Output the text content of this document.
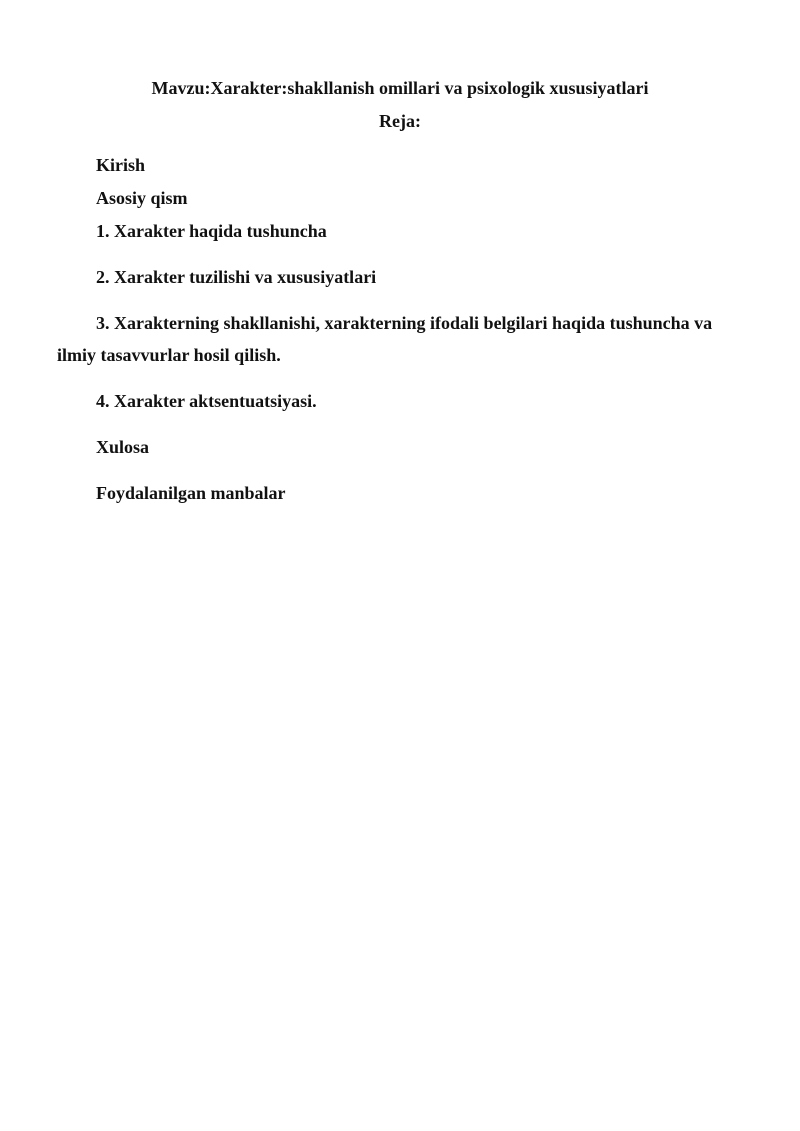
Mavzu:Xarakter:shakllanish omillari va psixologik xususiyatlari
Reja:

Kirish

Asosiy qism

1. Xarakter haqida tushuncha

2. Xarakter tuzilishi va xususiyatlari

3. Xarakterning shakllanishi, xarakterning ifodali belgilari haqida tushuncha va

ilmiy tasavvurlar hosil qilish.

4. Xarakter aktsentuatsiyasi.

Xulosa

Foydalanilgan manbalar
